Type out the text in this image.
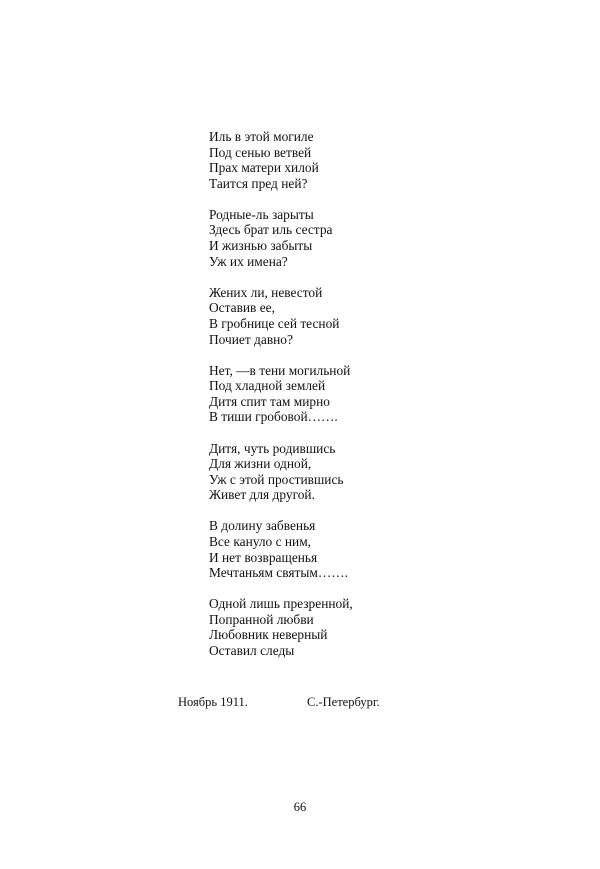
Иль в этой могиле
Под сенью ветвей
Прах матери хилой
Таится пред ней?
Родные-ль зарыты
Здесь брат иль сестра
И жизнью забыты
Уж их имена?
Жених ли, невестой
Оставив ее,
В гробнице сей тесной
Почиет давно?
Нет, —в тени могильной
Под хладной землей
Дитя спит там мирно
В тиши гробовой…….
Дитя, чуть родившись
Для жизни одной,
Уж с этой простившись
Живет для другой.
В долину забвенья
Все кануло с ним,
И нет возвращенья
Мечтаньям святым…….
Одной лишь презренной,
Попранной любви
Любовник неверный
Оставил следы
Ноябрь 1911.	С.-Петербург.
66
